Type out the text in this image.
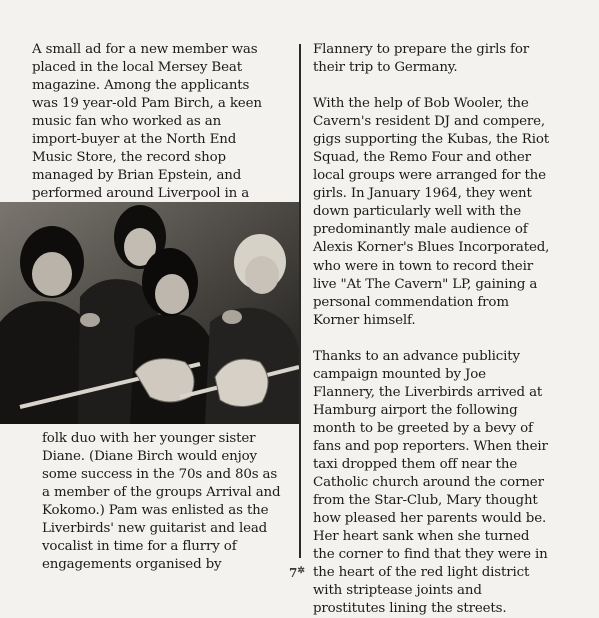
A small ad for a new member was

placed in the local Mersey Beat

magazine. Among the applicants

was 19 year-old Pam Birch, a keen

music fan who worked as an

import-buyer at the North End

Music Store, the record shop

managed by Brian Epstein, and

performed around Liverpool in a

folk duo with her younger sister

Diane. (Diane Birch would enjoy

some success in the 70s and 80s as

a member of the groups Arrival and

Kokomo.) Pam was enlisted as the

Liverbirds' new guitarist and lead

vocalist in time for a flurry of

engagements organised by

Flannery to prepare the girls for
their trip to Germany.

With the help of Bob Wooler, the
Cavern's resident DJ and compere,
gigs supporting the Kubas, the Riot
Squad, the Remo Four and other
local groups were arranged for the
girls. In January 1964, they went
down particularly well with the
predominantly male audience of
Alexis Korner's Blues Incorporated,
who were in town to record their
live "At The Cavern" LP, gaining a
personal commendation from
Korner himself.

Thanks to an advance publicity
campaign mounted by Joe
Flannery, the Liverbirds arrived at
Hamburg airport the following
month to be greeted by a bevy of
fans and pop reporters. When their
taxi dropped them off near the
Catholic church around the corner
from the Star-Club, Mary thought
how pleased her parents would be.
Her heart sank when she turned
the corner to find that they were in
the heart of the red light district
with striptease joints and
prostitutes lining the streets.

7✲
